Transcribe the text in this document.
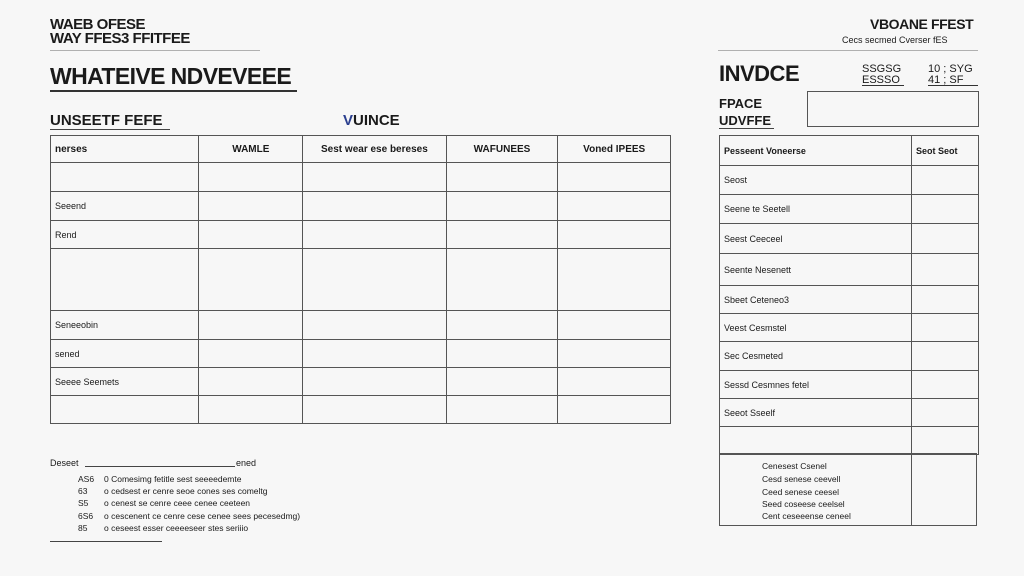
WAEB OFESE
WAY FFES3 FFITFEE
WHATEIVE NDVEVEEE
UNSEETF FEFE	VUINCE
nerses	WAMLE	Sest wear ese bereses	WAFUNEES	Voned IPEES

Seeend				
Rend				

Seneeobin				
sened				
Seeee Seemets				

VBOANE FFEST
Cecs secmed Cverser fES
INVDCE	SSGSG
ESSSO
10 ; SYG
41 ; SF
FPACE
UDVFFE
Pesseent Voneerse	Seot Seot
Seost	
Seene te Seetell	
Seest Ceeceel	
Seente Nesenett	
Sbeet Ceteneo3	
Veest Cesmstel	
Sec Cesmeted	
Sessd Cesmnes fetel	
Seeot Sseelf	

Cenesest Csenel
Cesd senese ceevell
Ceed senese ceesel
Seed coseese ceelsel
Cent ceseeense ceneel
Deseet	ened
AS6 0 Comesimg fetitle sest seeeedemte
63 o cedsest er cenre seoe cones ses comeltg
S5 o cenest se cenre ceee cenee ceeteen
6S6 o cescenent ce cenre cese cenee sees pecesedmg)
85 o ceseest esser ceeeeseer stes seriiio
